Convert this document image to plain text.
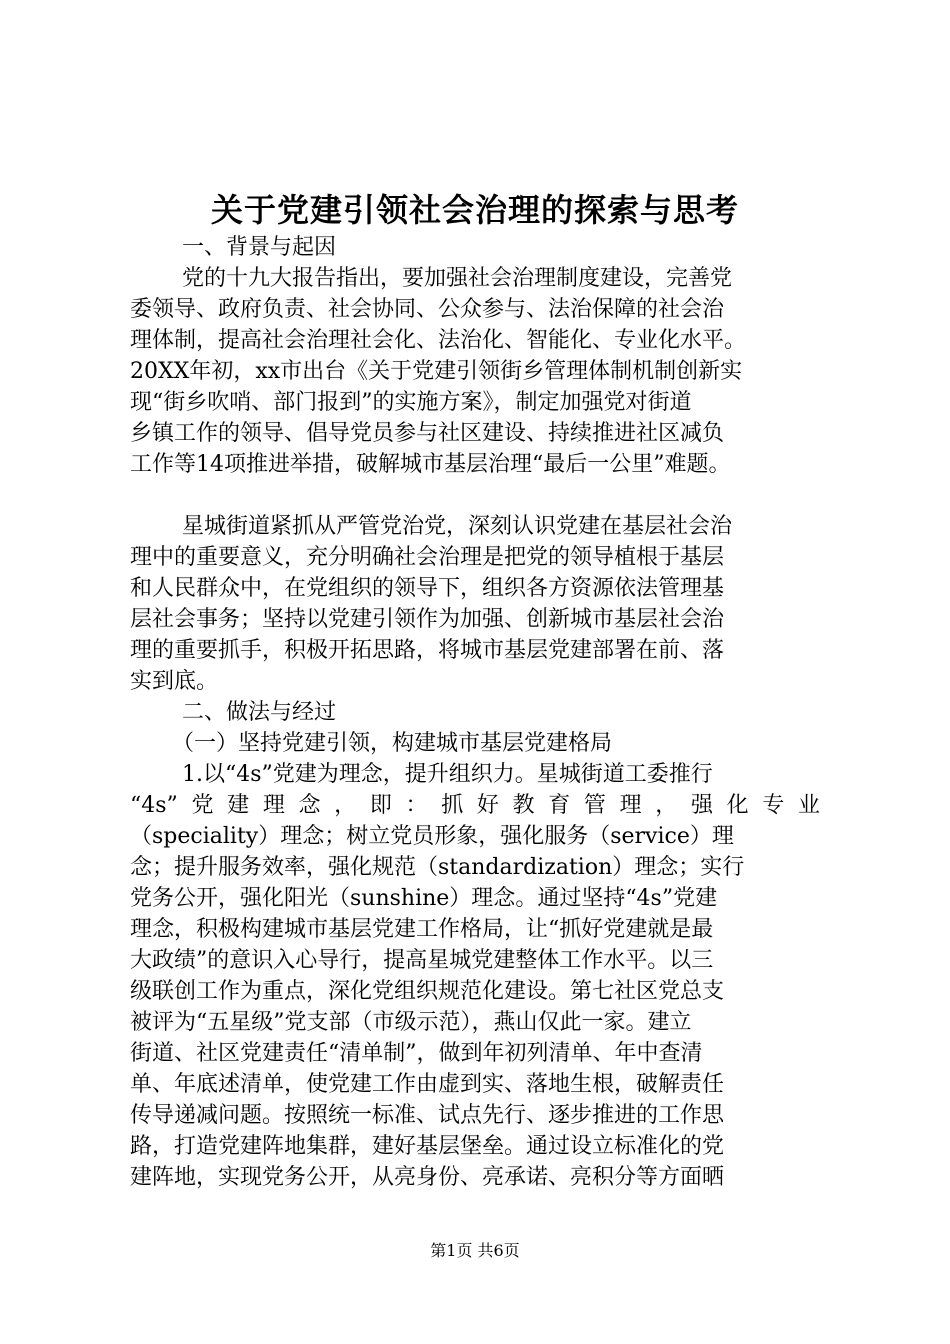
关于党建引领社会治理的探索与思考
一、背景与起因
党的十九大报告指出，要加强社会治理制度建设，完善党
委领导、政府负责、社会协同、公众参与、法治保障的社会治
理体制，提高社会治理社会化、法治化、智能化、专业化水平。
20XX年初，xx市出台《关于党建引领街乡管理体制机制创新实
现“街乡吹哨、部门报到”的实施方案》，制定加强党对街道
乡镇工作的领导、倡导党员参与社区建设、持续推进社区减负
工作等14项推进举措，破解城市基层治理“最后一公里”难题。
星城街道紧抓从严管党治党，深刻认识党建在基层社会治
理中的重要意义，充分明确社会治理是把党的领导植根于基层
和人民群众中，在党组织的领导下，组织各方资源依法管理基
层社会事务；坚持以党建引领作为加强、创新城市基层社会治
理的重要抓手，积极开拓思路，将城市基层党建部署在前、落
实到底。
二、做法与经过
（一）坚持党建引领，构建城市基层党建格局
1.以“4s”党建为理念，提升组织力。星城街道工委推行
“4s”党建理念，即：抓好教育管理，强化专业
（speciality）理念；树立党员形象，强化服务（service）理
念；提升服务效率，强化规范（standardization）理念；实行
党务公开，强化阳光（sunshine）理念。通过坚持“4s”党建
理念，积极构建城市基层党建工作格局，让“抓好党建就是最
大政绩”的意识入心导行，提高星城党建整体工作水平。以三
级联创工作为重点，深化党组织规范化建设。第七社区党总支
被评为“五星级”党支部（市级示范），燕山仅此一家。建立
街道、社区党建责任“清单制”，做到年初列清单、年中查清
单、年底述清单，使党建工作由虚到实、落地生根，破解责任
传导递减问题。按照统一标准、试点先行、逐步推进的工作思
路，打造党建阵地集群，建好基层堡垒。通过设立标准化的党
建阵地，实现党务公开，从亮身份、亮承诺、亮积分等方面晒
第1页 共6页
